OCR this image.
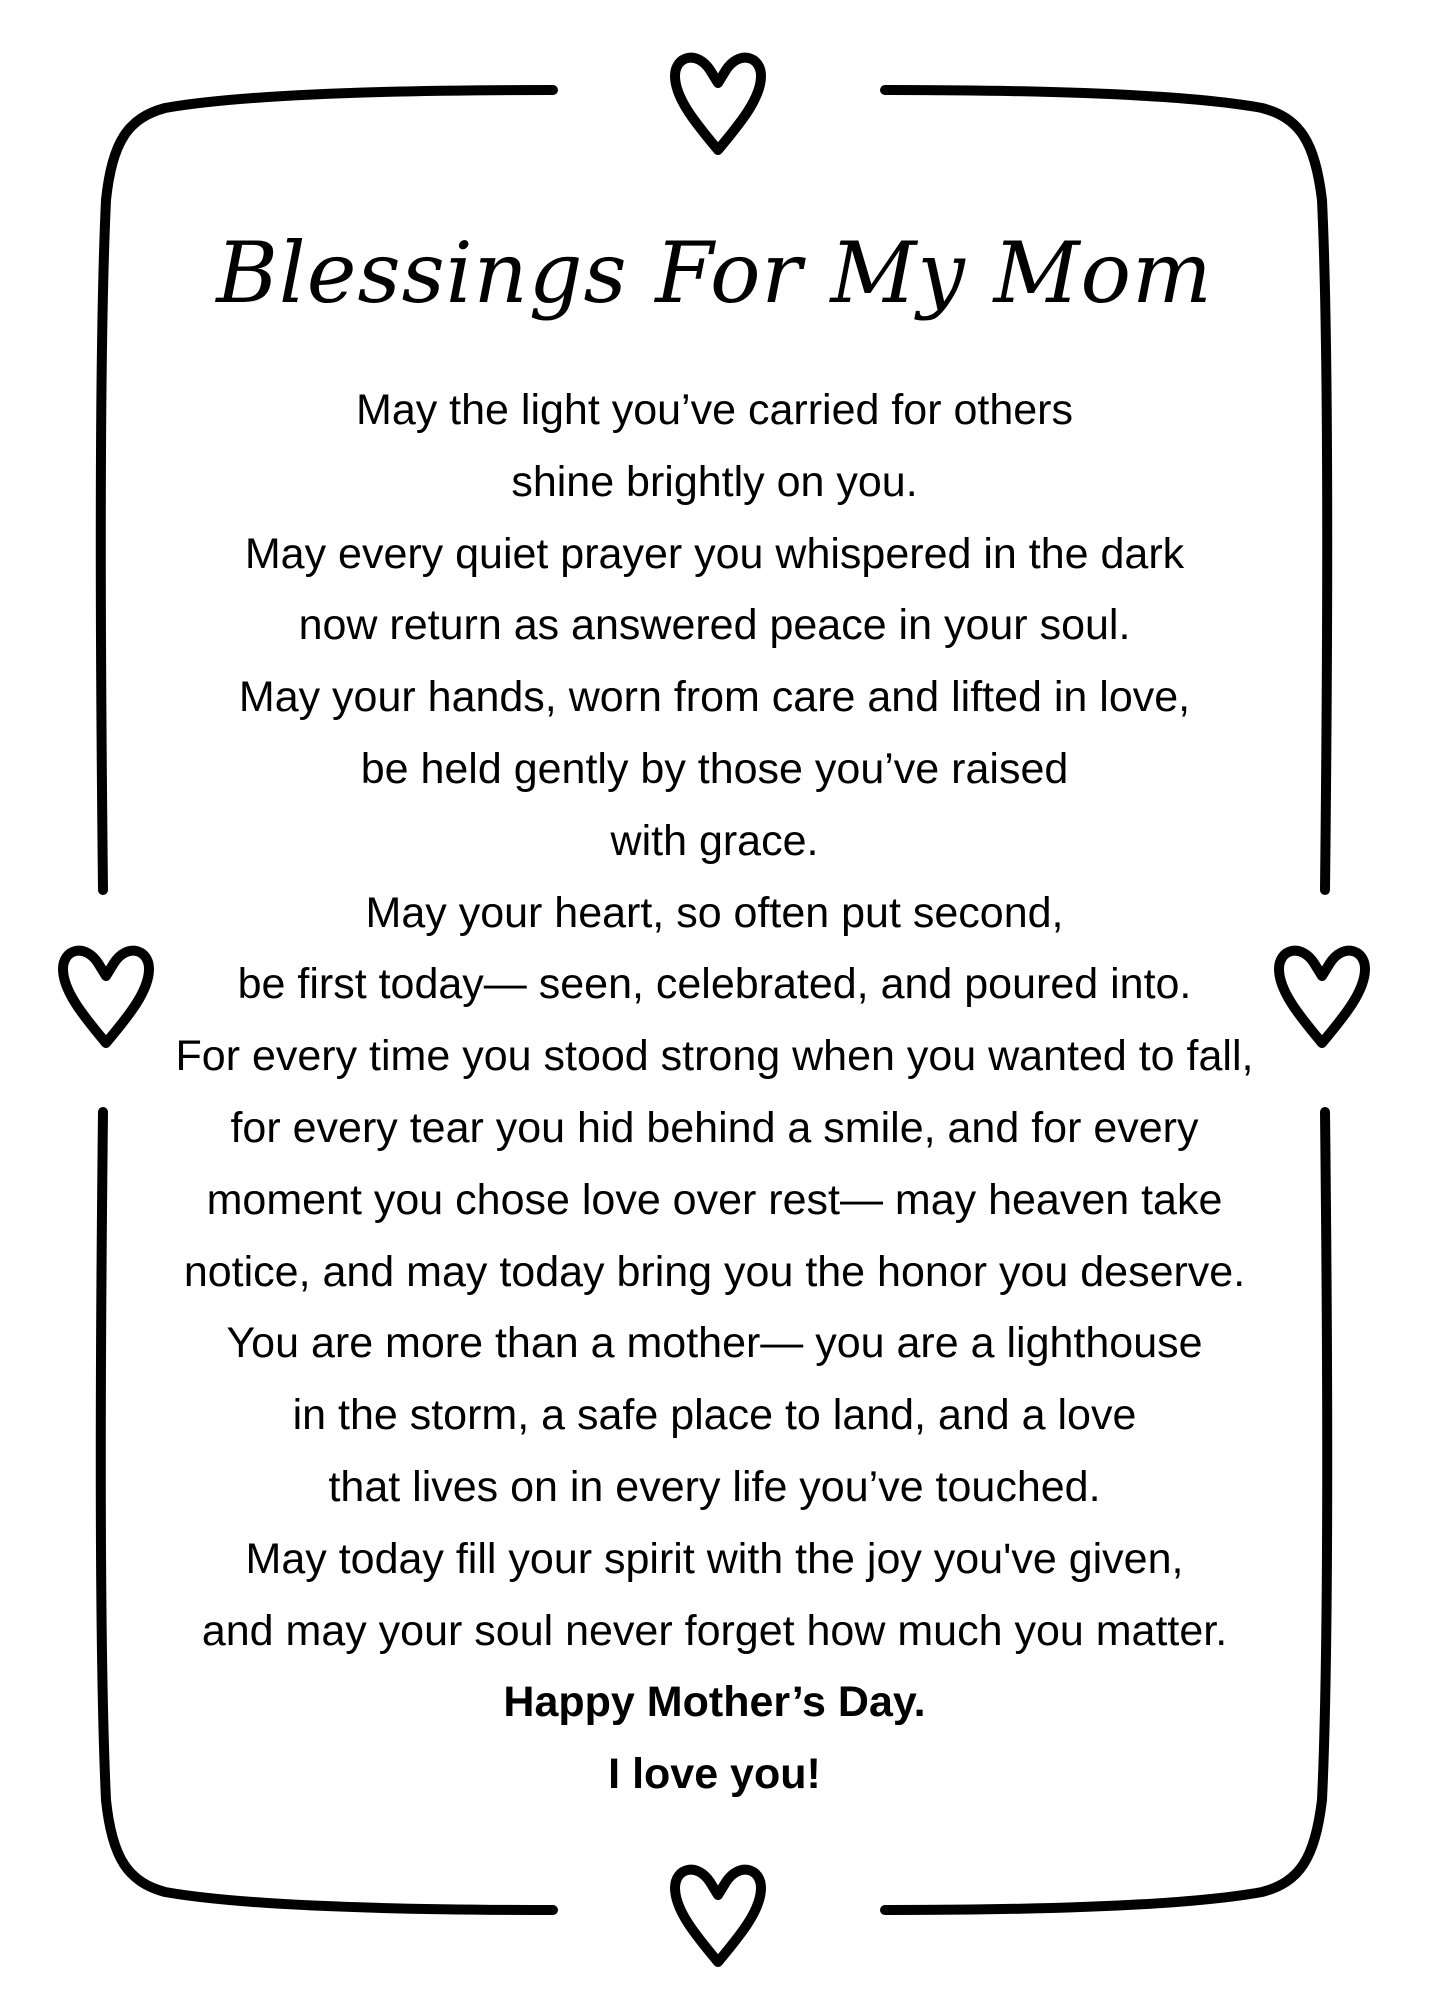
Blessings For My Mom
May the light you’ve carried for others
shine brightly on you.
May every quiet prayer you whispered in the dark
now return as answered peace in your soul.
May your hands, worn from care and lifted in love,
be held gently by those you’ve raised
with grace.
May your heart, so often put second,
be first today— seen, celebrated, and poured into.
For every time you stood strong when you wanted to fall,
for every tear you hid behind a smile, and for every
moment you chose love over rest— may heaven take
notice, and may today bring you the honor you deserve.
You are more than a mother— you are a lighthouse
in the storm, a safe place to land, and a love
that lives on in every life you’ve touched.
May today fill your spirit with the joy you've given,
and may your soul never forget how much you matter.
Happy Mother’s Day.
I love you!
